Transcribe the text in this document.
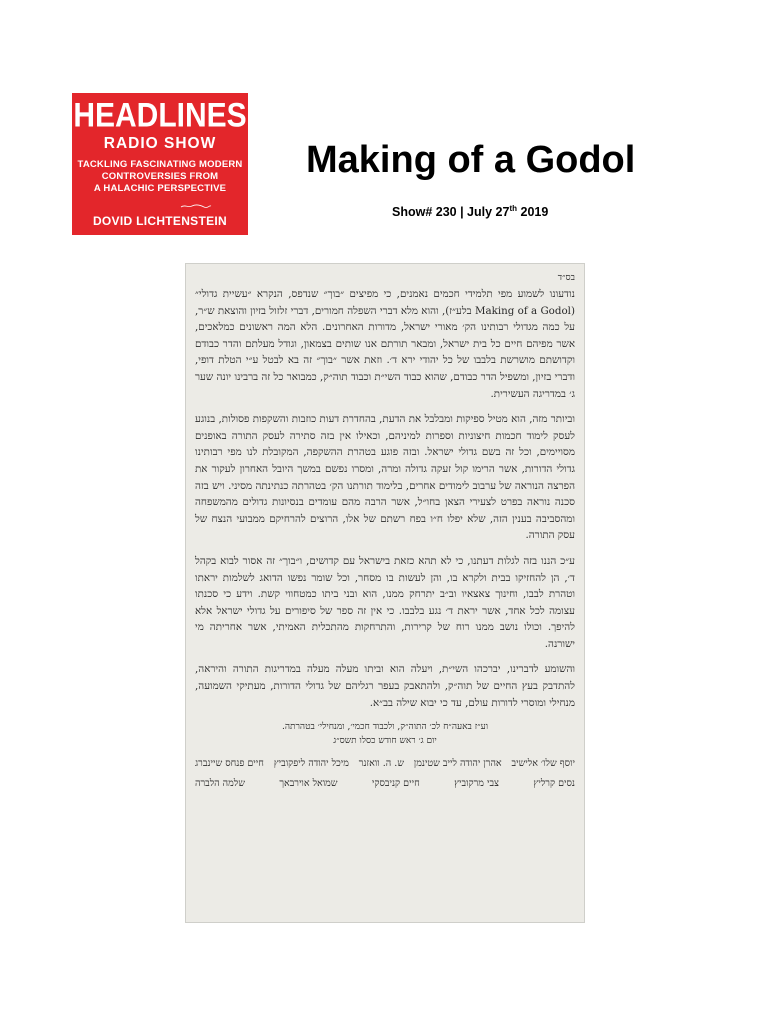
HEADLINES
RADIO SHOW
TACKLING FASCINATING MODERN
CONTROVERSIES FROM
A HALACHIC PERSPECTIVE
DOVID LICHTENSTEIN
Making of a Godol
Show# 230 | July 27th 2019
בס״ד

נודעונו לשמוע מפי תלמידי חכמים נאמנים, כי מפיצים ״בוך״ שנדפס, הנקרא ״עשיית גדולי״ (Making of a Godol בלע״ז), והוא מלא דברי השפלה חמורים, דברי זלזול בזיון והוצאת ש״ר, על כמה מגדולי רבותינו הק׳ מאורי ישראל, מדורות האחרונים. הלא המה ראשונים כמלאכים, אשר מפיהם חיים כל בית ישראל, ומבאר תורתם אנו שותים בצמאון, וגודל מעלתם והדר כבודם וקדושתם מושרשת בלבבו של כל יהודי ירא ד׳. וזאת אשר ״בוך״ זה בא לבטל ע״י הטלת דופי, ודברי בזיון, ומשפיל הדר כבודם, שהוא כבוד השי״ת וכבוד תוה״ק, כמבואר כל זה ברבינו יונה שער ג׳ במדריגה העשירית.

וביותר מזה, הוא מטיל ספיקות ומבלבל את הדעת, בהחדרת דעות כוזבות והשקפות פסולות, בנוגע לעסק לימוד חכמות חיצוניות וספרות למיניהם, וכאילו אין בזה סתירה לעסק התורה באופנים מסויימים, וכל זה בשם גדולי ישראל. ובזה פוגע בטהרת ההשקפה, המקובלת לנו מפי רבותינו גדולי הדורות, אשר הרימו קול זעקה גדולה ומרה, ומסרו נפשם במשך היובל האחרון לעקור את הפרצה הנוראה של ערבוב לימודים אחרים, בלימוד תורתנו הק׳ בטהרתה כנתינתה מסיני. ויש בזה סכנה נוראה בפרט לצעירי הצאן בחו״ל, אשר הרבה מהם עומדים בנסיונות גדולים מהמשפחה ומהסביבה בענין הזה, שלא יפלו ח״ו בפח רשתם של אלו, הרוצים להרחיקם ממבועי הנצח של עסק התורה.

ע״כ הננו בזה לגלות דעתנו, כי לא תהא כזאת בישראל עם קדושים, ו״בוך״ זה אסור לבוא בקהל ד׳, הן להחזיקו בבית ולקרא בו, והן לעשות בו מסחר, וכל שומר נפשו הדואג לשלמות יראתו וטהרת לבבו, וחינוך צאצאיו וב״ב יתרחק ממנו, הוא ובני ביתו כמטחווי קשת. וידע כי סכנתו עצומה לכל אחד, אשר יראת ד׳ נגע בלבבו. כי אין זה ספר של סיפורים על גדולי ישראל אלא להיפך. וכולו נושב ממנו רוח של קרירות, והתרחקות מהתכלית האמיתי, אשר אחריתה מי ישורנה.

והשומע לדברינו, יברכהו השי״ת, ויעלה הוא וביתו מעלה מעלה במדריגות התורה והיראה, להתדבק בעץ החיים של תוה״ק, ולהתאבק בעפר רגליהם של גדולי הדורות, מעתיקי השמועה, מנחילי ומוסרי לדורות עולם, עד כי יבוא שילה בב״א.

וע״ז באעה״ח לכ׳ התוה״ק, ולכבוד חכמי׳, ומנחילי׳ בטהרתה.
יום ג׳ ראש חודש כסלו תשס״ג
יוסף שלו׳ אלישיב
אהרן יהודה לייב שטינמן
ש. ה. וואזנר
מיכל יהודה ליפקוביץ
חיים פנחס שיינברג
נסים קרליץ
צבי מרקוביץ
חיים קניבסקי
שמואל אוירבאך
שלמה הלברה
